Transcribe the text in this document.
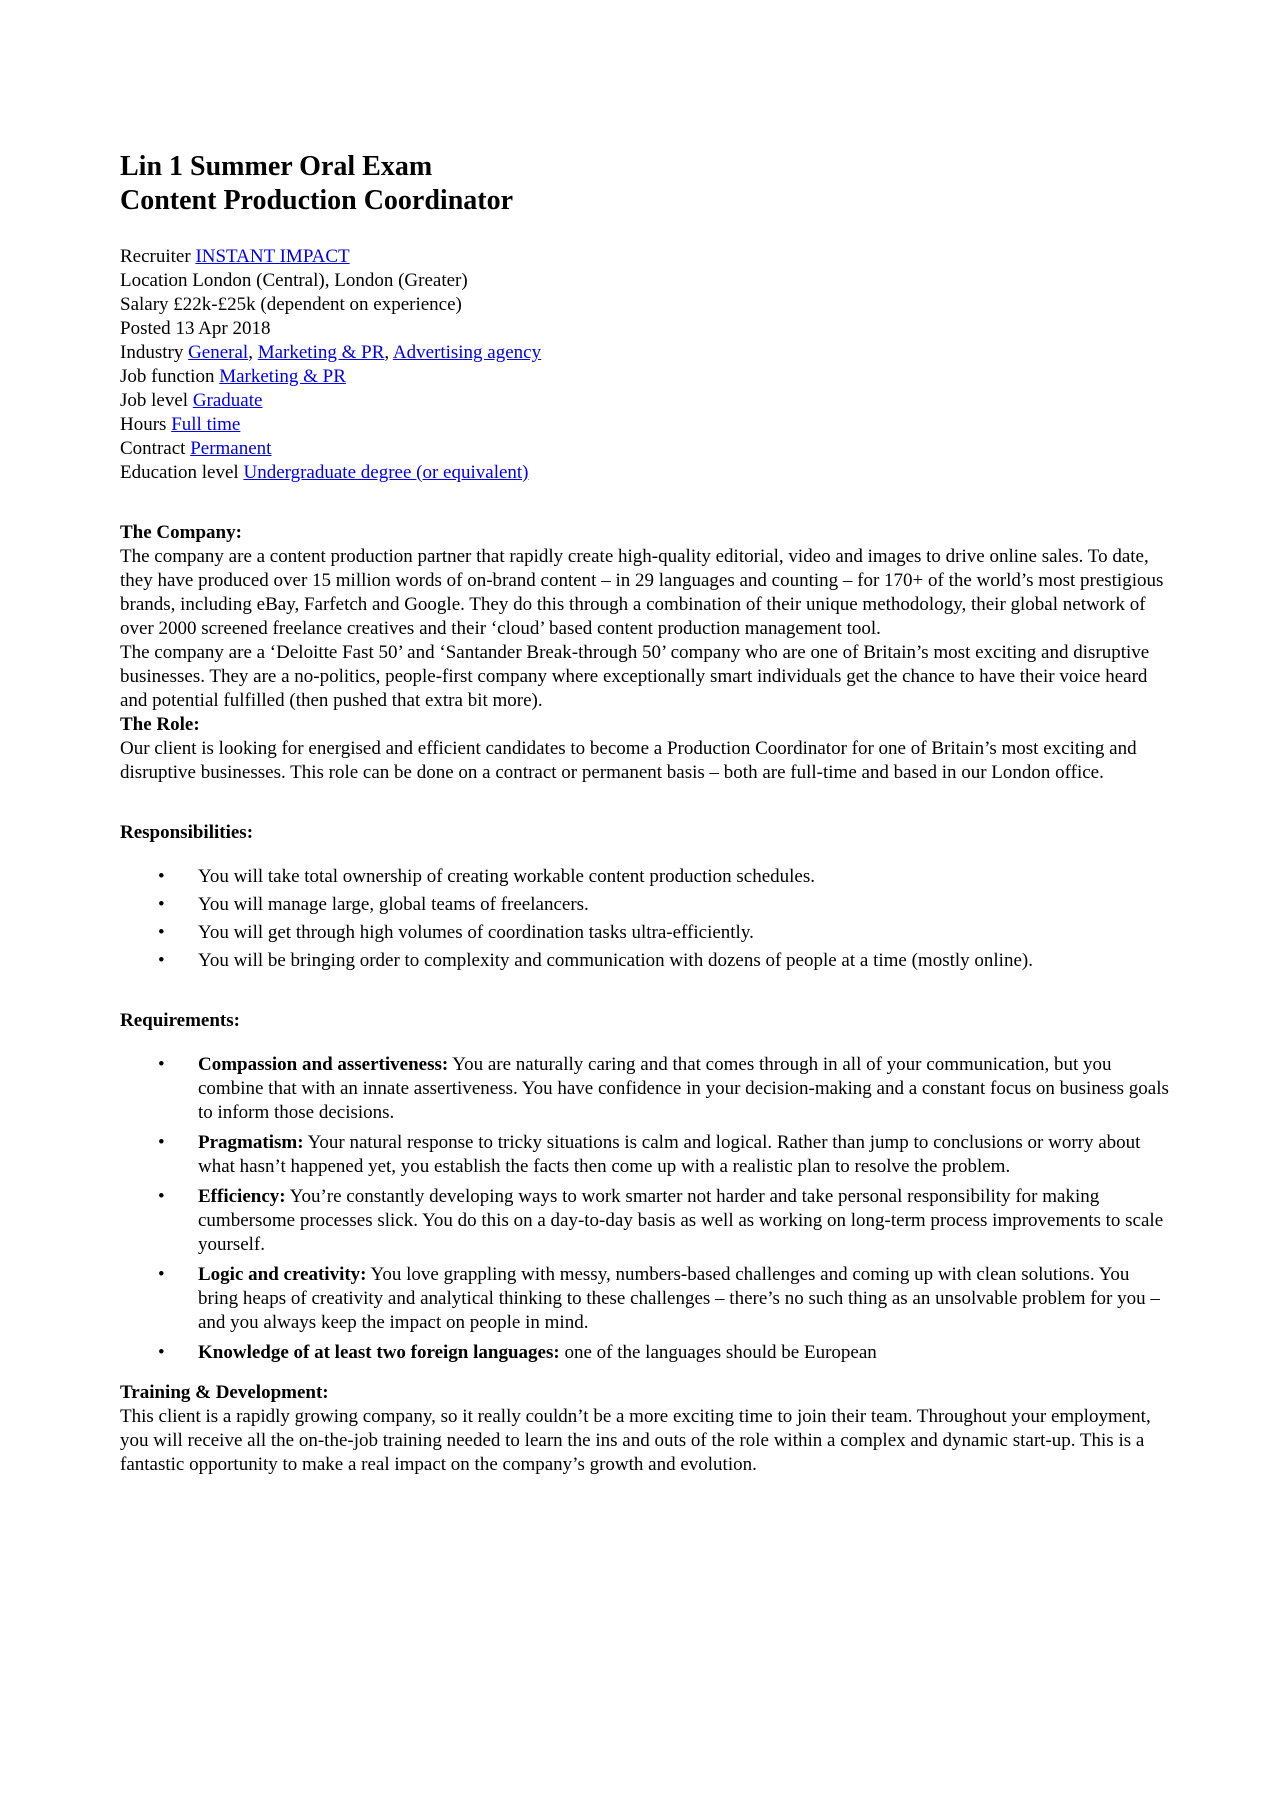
Lin 1 Summer Oral Exam
Content Production Coordinator
Recruiter INSTANT IMPACT
Location London (Central), London (Greater)
Salary £22k-£25k (dependent on experience)
Posted 13 Apr 2018
Industry General, Marketing & PR, Advertising agency
Job function Marketing & PR
Job level Graduate
Hours Full time
Contract Permanent
Education level Undergraduate degree (or equivalent)
The Company:

The company are a content production partner that rapidly create high-quality editorial, video and images to drive online sales. To date, they have produced over 15 million words of on-brand content – in 29 languages and counting – for 170+ of the world’s most prestigious brands, including eBay, Farfetch and Google. They do this through a combination of their unique methodology, their global network of over 2000 screened freelance creatives and their ‘cloud’ based content production management tool.

The company are a ‘Deloitte Fast 50’ and ‘Santander Break-through 50’ company who are one of Britain’s most exciting and disruptive businesses. They are a no-politics, people-first company where exceptionally smart individuals get the chance to have their voice heard and potential fulfilled (then pushed that extra bit more).

The Role:

Our client is looking for energised and efficient candidates to become a Production Coordinator for one of Britain’s most exciting and disruptive businesses. This role can be done on a contract or permanent basis – both are full-time and based in our London office.

Responsibilities:
• You will take total ownership of creating workable content production schedules.
• You will manage large, global teams of freelancers.
• You will get through high volumes of coordination tasks ultra-efficiently.
• You will be bringing order to complexity and communication with dozens of people at a time (mostly online).
Requirements:
• Compassion and assertiveness: You are naturally caring and that comes through in all of your communication, but you combine that with an innate assertiveness. You have confidence in your decision-making and a constant focus on business goals to inform those decisions.
• Pragmatism: Your natural response to tricky situations is calm and logical. Rather than jump to conclusions or worry about what hasn’t happened yet, you establish the facts then come up with a realistic plan to resolve the problem.
• Efficiency: You’re constantly developing ways to work smarter not harder and take personal responsibility for making cumbersome processes slick. You do this on a day-to-day basis as well as working on long-term process improvements to scale yourself.
• Logic and creativity: You love grappling with messy, numbers-based challenges and coming up with clean solutions. You bring heaps of creativity and analytical thinking to these challenges – there’s no such thing as an unsolvable problem for you – and you always keep the impact on people in mind.
• Knowledge of at least two foreign languages: one of the languages should be European
Training & Development:

This client is a rapidly growing company, so it really couldn’t be a more exciting time to join their team. Throughout your employment, you will receive all the on-the-job training needed to learn the ins and outs of the role within a complex and dynamic start-up. This is a fantastic opportunity to make a real impact on the company’s growth and evolution.
